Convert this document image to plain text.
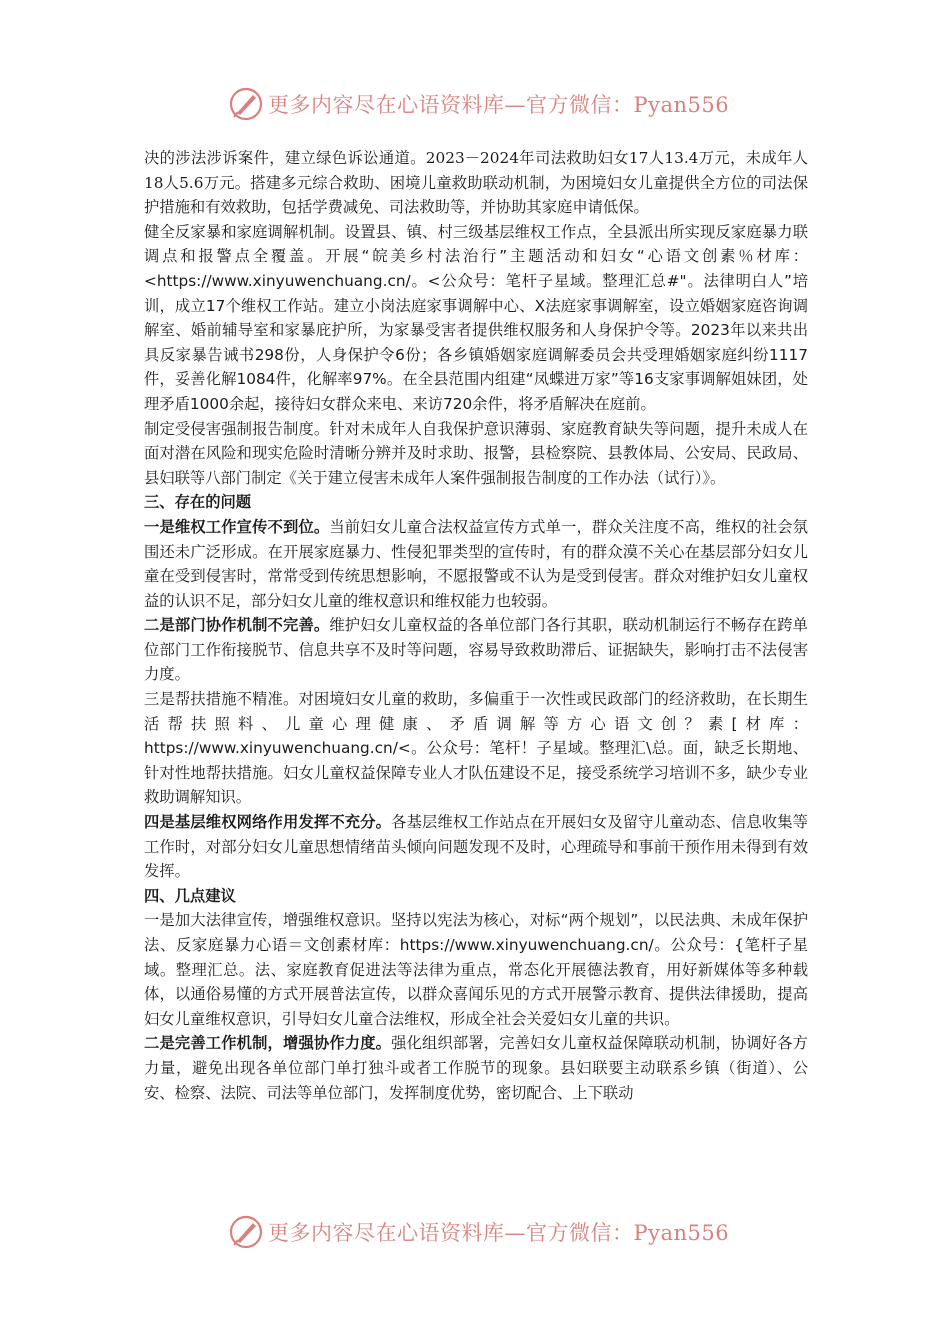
更多内容尽在心语资料库—官方微信：Pyan556

决的涉法涉诉案件，建立绿色诉讼通道。2023－2024年司法救助妇女17人13.4万元，未成年人18人5.6万元。搭建多元综合救助、困境儿童救助联动机制，为困境妇女儿童提供全方位的司法保护措施和有效救助，包括学费减免、司法救助等，并协助其家庭申请低保。

健全反家暴和家庭调解机制。设置县、镇、村三级基层维权工作点，全县派出所实现反家庭暴力联调点和报警点全覆盖。开展“皖美乡村法治行”主题活动和妇女“心语文创素％材库：<https://www.xinyuwenchuang.cn/。<公众号：笔杆子星域。整理汇总#"。法律明白人”培训，成立17个维权工作站。建立小岗法庭家事调解中心、X法庭家事调解室，设立婚姻家庭咨询调解室、婚前辅导室和家暴庇护所，为家暴受害者提供维权服务和人身保护令等。2023年以来共出具反家暴告诫书298份，人身保护令6份；各乡镇婚姻家庭调解委员会共受理婚姻家庭纠纷1117件，妥善化解1084件，化解率97%。在全县范围内组建“凤蝶进万家”等16支家事调解姐妹团，处理矛盾1000余起，接待妇女群众来电、来访720余件，将矛盾解决在庭前。

制定受侵害强制报告制度。针对未成年人自我保护意识薄弱、家庭教育缺失等问题，提升未成人在面对潜在风险和现实危险时清晰分辨并及时求助、报警，县检察院、县教体局、公安局、民政局、县妇联等八部门制定《关于建立侵害未成年人案件强制报告制度的工作办法（试行）》。

三、存在的问题

一是维权工作宣传不到位。当前妇女儿童合法权益宣传方式单一，群众关注度不高，维权的社会氛围还未广泛形成。在开展家庭暴力、性侵犯罪类型的宣传时，有的群众漠不关心在基层部分妇女儿童在受到侵害时，常常受到传统思想影响，不愿报警或不认为是受到侵害。群众对维护妇女儿童权益的认识不足，部分妇女儿童的维权意识和维权能力也较弱。

二是部门协作机制不完善。维护妇女儿童权益的各单位部门各行其职，联动机制运行不畅存在跨单位部门工作衔接脱节、信息共享不及时等问题，容易导致救助滞后、证据缺失，影响打击不法侵害力度。

三是帮扶措施不精准。对困境妇女儿童的救助，多偏重于一次性或民政部门的经济救助，在长期生活帮扶照料、儿童心理健康、矛盾调解等方心语文创？素[材库：https://www.xinyuwenchuang.cn/<。公众号：笔杆！子星域。整理汇\总。面，缺乏长期地、针对性地帮扶措施。妇女儿童权益保障专业人才队伍建设不足，接受系统学习培训不多，缺少专业救助调解知识。

四是基层维权网络作用发挥不充分。各基层维权工作站点在开展妇女及留守儿童动态、信息收集等工作时，对部分妇女儿童思想情绪苗头倾向问题发现不及时，心理疏导和事前干预作用未得到有效发挥。

四、几点建议

一是加大法律宣传，增强维权意识。坚持以宪法为核心，对标“两个规划”，以民法典、未成年保护法、反家庭暴力心语＝文创素材库：https://www.xinyuwenchuang.cn/。公众号：{笔杆子星域。整理汇总。法、家庭教育促进法等法律为重点，常态化开展德法教育，用好新媒体等多种载体，以通俗易懂的方式开展普法宣传，以群众喜闻乐见的方式开展警示教育、提供法律援助，提高妇女儿童维权意识，引导妇女儿童合法维权，形成全社会关爱妇女儿童的共识。

二是完善工作机制，增强协作力度。强化组织部署，完善妇女儿童权益保障联动机制，协调好各方力量，避免出现各单位部门单打独斗或者工作脱节的现象。县妇联要主动联系乡镇（街道）、公安、检察、法院、司法等单位部门，发挥制度优势，密切配合、上下联动

更多内容尽在心语资料库—官方微信：Pyan556
